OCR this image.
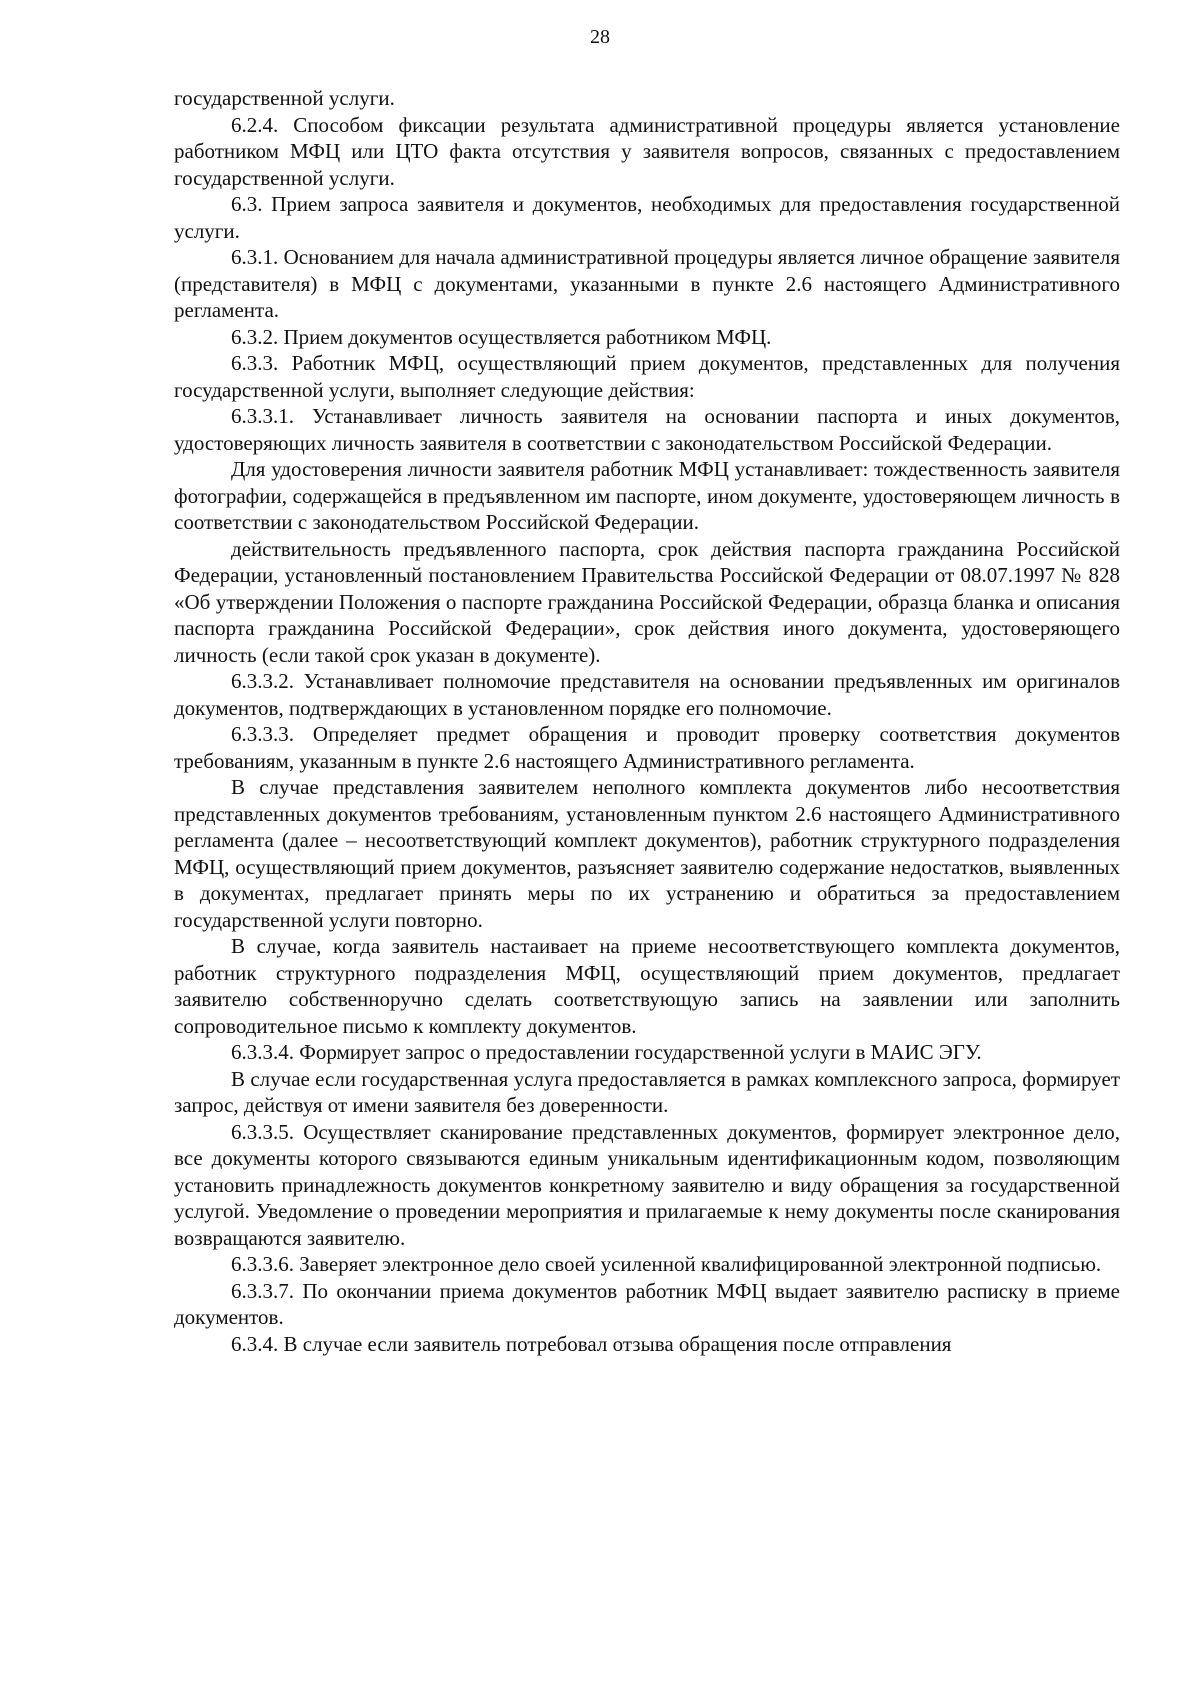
28

государственной услуги.

6.2.4. Способом фиксации результата административной процедуры является установление работником МФЦ или ЦТО факта отсутствия у заявителя вопросов, связанных с предоставлением государственной услуги.

6.3. Прием запроса заявителя и документов, необходимых для предоставления государственной услуги.

6.3.1. Основанием для начала административной процедуры является личное обращение заявителя (представителя) в МФЦ с документами, указанными в пункте 2.6 настоящего Административного регламента.

6.3.2. Прием документов осуществляется работником МФЦ.

6.3.3. Работник МФЦ, осуществляющий прием документов, представленных для получения государственной услуги, выполняет следующие действия:

6.3.3.1. Устанавливает личность заявителя на основании паспорта и иных документов, удостоверяющих личность заявителя в соответствии с законодательством Российской Федерации.

Для удостоверения личности заявителя работник МФЦ устанавливает: тождественность заявителя фотографии, содержащейся в предъявленном им паспорте, ином документе, удостоверяющем личность в соответствии с законодательством Российской Федерации.

действительность предъявленного паспорта, срок действия паспорта гражданина Российской Федерации, установленный постановлением Правительства Российской Федерации от 08.07.1997 № 828 «Об утверждении Положения о паспорте гражданина Российской Федерации, образца бланка и описания паспорта гражданина Российской Федерации», срок действия иного документа, удостоверяющего личность (если такой срок указан в документе).

6.3.3.2. Устанавливает полномочие представителя на основании предъявленных им оригиналов документов, подтверждающих в установленном порядке его полномочие.

6.3.3.3. Определяет предмет обращения и проводит проверку соответствия документов требованиям, указанным в пункте 2.6 настоящего Административного регламента.

В случае представления заявителем неполного комплекта документов либо несоответствия представленных документов требованиям, установленным пунктом 2.6 настоящего Административного регламента (далее – несоответствующий комплект документов), работник структурного подразделения МФЦ, осуществляющий прием документов, разъясняет заявителю содержание недостатков, выявленных в документах, предлагает принять меры по их устранению и обратиться за предоставлением государственной услуги повторно.

В случае, когда заявитель настаивает на приеме несоответствующего комплекта документов, работник структурного подразделения МФЦ, осуществляющий прием документов, предлагает заявителю собственноручно сделать соответствующую запись на заявлении или заполнить сопроводительное письмо к комплекту документов.

6.3.3.4. Формирует запрос о предоставлении государственной услуги в МАИС ЭГУ.

В случае если государственная услуга предоставляется в рамках комплексного запроса, формирует запрос, действуя от имени заявителя без доверенности.

6.3.3.5. Осуществляет сканирование представленных документов, формирует электронное дело, все документы которого связываются единым уникальным идентификационным кодом, позволяющим установить принадлежность документов конкретному заявителю и виду обращения за государственной услугой. Уведомление о проведении мероприятия и прилагаемые к нему документы после сканирования возвращаются заявителю.

6.3.3.6. Заверяет электронное дело своей усиленной квалифицированной электронной подписью.

6.3.3.7. По окончании приема документов работник МФЦ выдает заявителю расписку в приеме документов.

6.3.4. В случае если заявитель потребовал отзыва обращения после отправления
